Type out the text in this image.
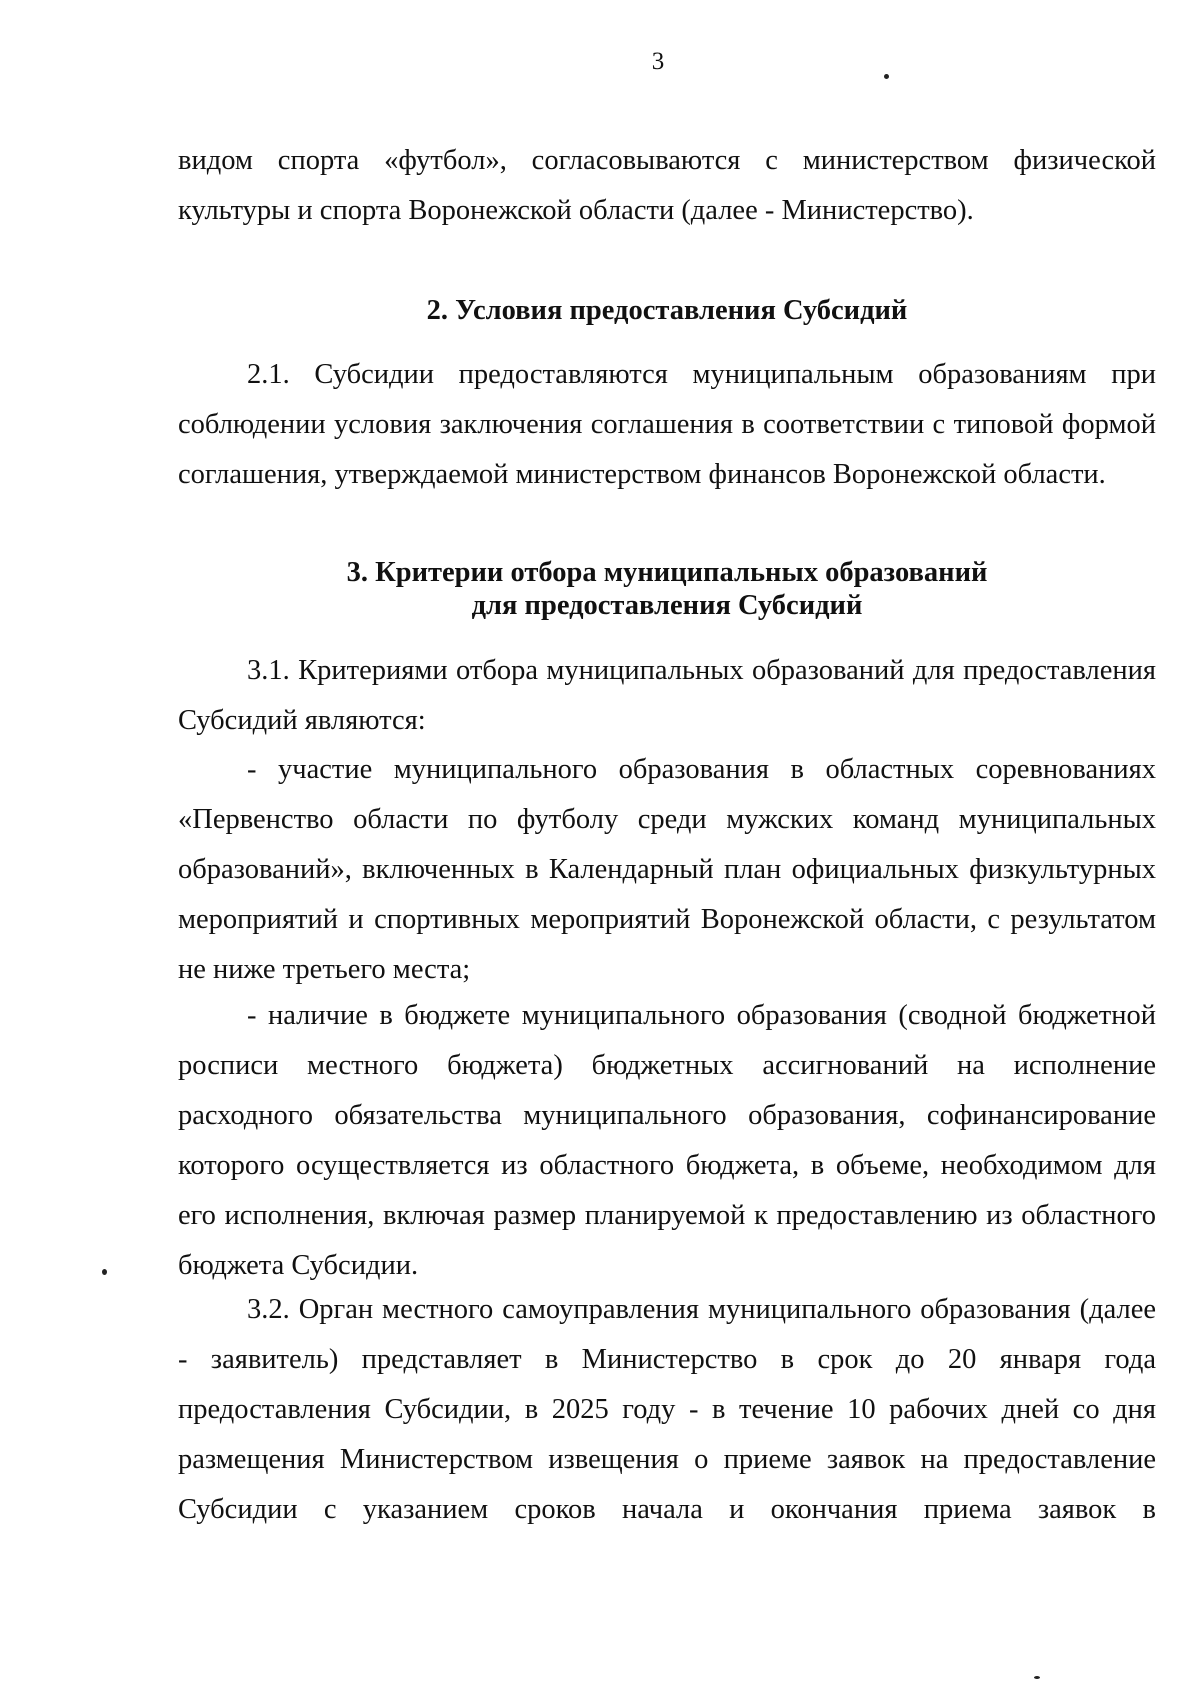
3

видом спорта «футбол», согласовываются с министерством физической культуры и спорта Воронежской области (далее - Министерство).

2. Условия предоставления Субсидий

2.1. Субсидии предоставляются муниципальным образованиям при соблюдении условия заключения соглашения в соответствии с типовой формой соглашения, утверждаемой министерством финансов Воронежской области.

3. Критерии отбора муниципальных образований
для предоставления Субсидий

3.1. Критериями отбора муниципальных образований для предоставления Субсидий являются:

- участие муниципального образования в областных соревнованиях «Первенство области по футболу среди мужских команд муниципальных образований», включенных в Календарный план официальных физкультурных мероприятий и спортивных мероприятий Воронежской области, с результатом не ниже третьего места;

- наличие в бюджете муниципального образования (сводной бюджетной росписи местного бюджета) бюджетных ассигнований на исполнение расходного обязательства муниципального образования, софинансирование которого осуществляется из областного бюджета, в объеме, необходимом для его исполнения, включая размер планируемой к предоставлению из областного бюджета Субсидии.

3.2. Орган местного самоуправления муниципального образования (далее - заявитель) представляет в Министерство в срок до 20 января года предоставления Субсидии, в 2025 году - в течение 10 рабочих дней со дня размещения Министерством извещения о приеме заявок на предоставление Субсидии с указанием сроков начала и окончания приема заявок в
